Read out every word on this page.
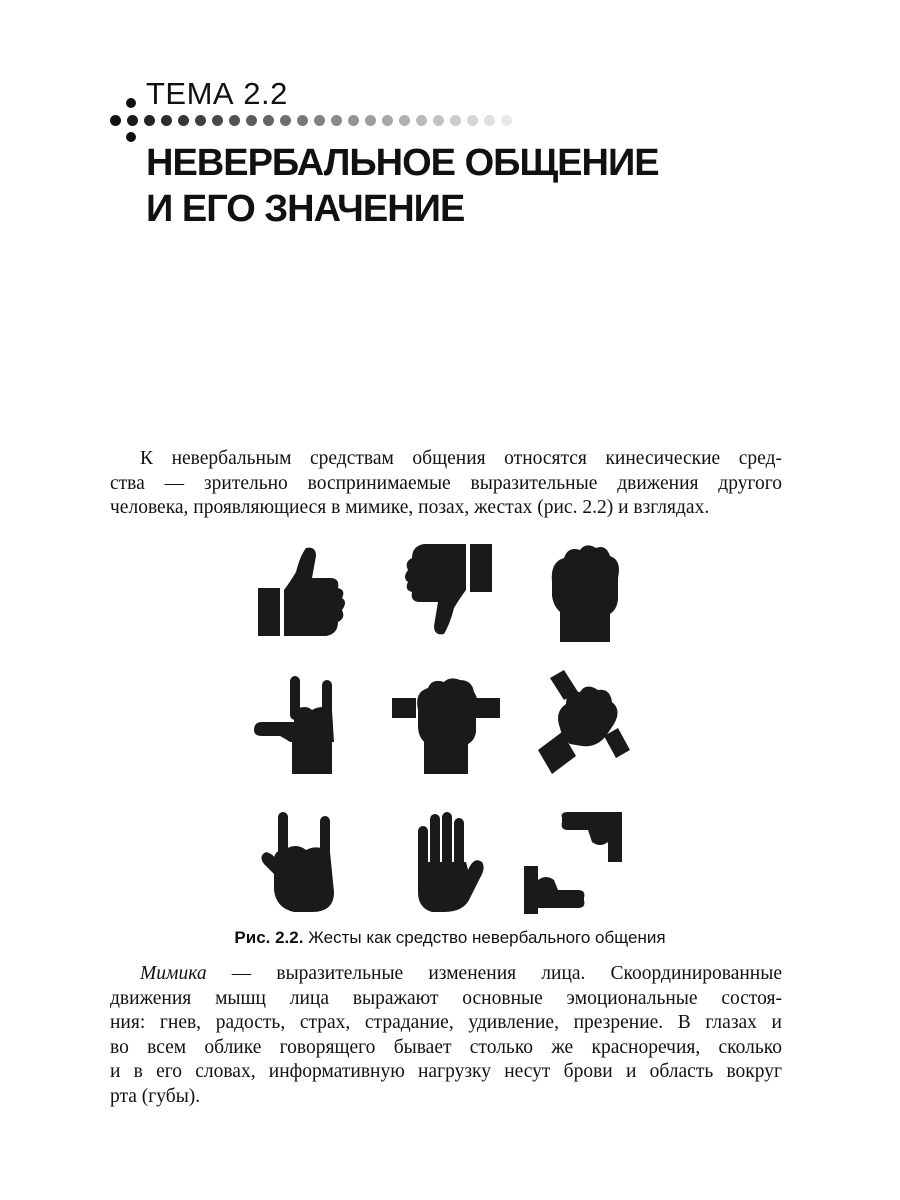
ТЕМА 2.2
НЕВЕРБАЛЬНОЕ ОБЩЕНИЕ
И ЕГО ЗНАЧЕНИЕ

К невербальным средствам общения относятся кинесические сред-
ства — зрительно воспринимаемые выразительные движения другого
человека, проявляющиеся в мимике, позах, жестах (рис. 2.2) и взглядах.

Рис. 2.2. Жесты как средство невербального общения

Мимика — выразительные изменения лица. Скоординированные
движения мышц лица выражают основные эмоциональные состоя-
ния: гнев, радость, страх, страдание, удивление, презрение. В глазах и
во всем облике говорящего бывает столько же красноречия, сколько
и в его словах, информативную нагрузку несут брови и область вокруг
рта (губы).
